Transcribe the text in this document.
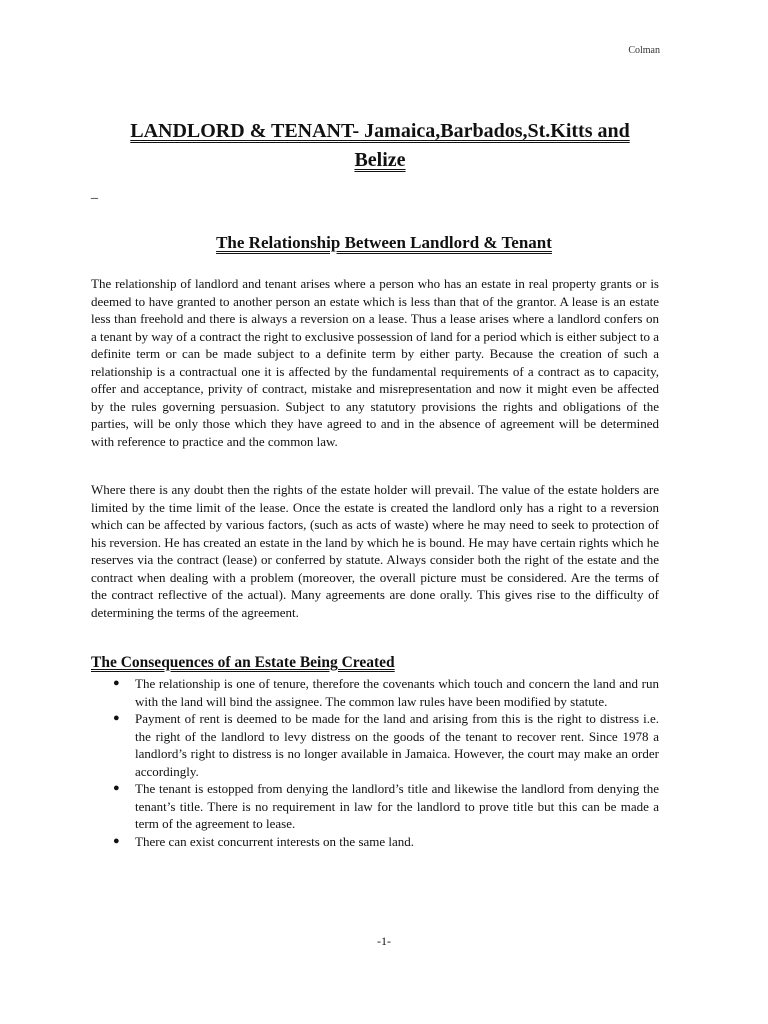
Colman
LANDLORD & TENANT- Jamaica,Barbados,St.Kitts and
Belize
_
The Relationship Between Landlord & Tenant

The relationship of landlord and tenant arises where a person who has an estate in real property grants or is deemed to have granted to another person an estate which is less than that of the grantor. A lease is an estate less than freehold and there is always a reversion on a lease. Thus a lease arises where a landlord confers on a tenant by way of a contract the right to exclusive possession of land for a period which is either subject to a definite term or can be made subject to a definite term by either party. Because the creation of such a relationship is a contractual one it is affected by the fundamental requirements of a contract as to capacity, offer and acceptance, privity of contract, mistake and misrepresentation and now it might even be affected by the rules governing persuasion. Subject to any statutory provisions the rights and obligations of the parties, will be only those which they have agreed to and in the absence of agreement will be determined with reference to practice and the common law.

Where there is any doubt then the rights of the estate holder will prevail. The value of the estate holders are limited by the time limit of the lease. Once the estate is created the landlord only has a right to a reversion which can be affected by various factors, (such as acts of waste) where he may need to seek to protection of his reversion. He has created an estate in the land by which he is bound. He may have certain rights which he reserves via the contract (lease) or conferred by statute. Always consider both the right of the estate and the contract when dealing with a problem (moreover, the overall picture must be considered. Are the terms of the contract reflective of the actual). Many agreements are done orally. This gives rise to the difficulty of determining the terms of the agreement.

The Consequences of an Estate Being Created
● The relationship is one of tenure, therefore the covenants which touch and concern the land and run with the land will bind the assignee. The common law rules have been modified by statute.
● Payment of rent is deemed to be made for the land and arising from this is the right to distress i.e. the right of the landlord to levy distress on the goods of the tenant to recover rent. Since 1978 a landlord’s right to distress is no longer available in Jamaica. However, the court may make an order accordingly.
● The tenant is estopped from denying the landlord’s title and likewise the landlord from denying the tenant’s title. There is no requirement in law for the landlord to prove title but this can be made a term of the agreement to lease.
● There can exist concurrent interests on the same land.
-1-
